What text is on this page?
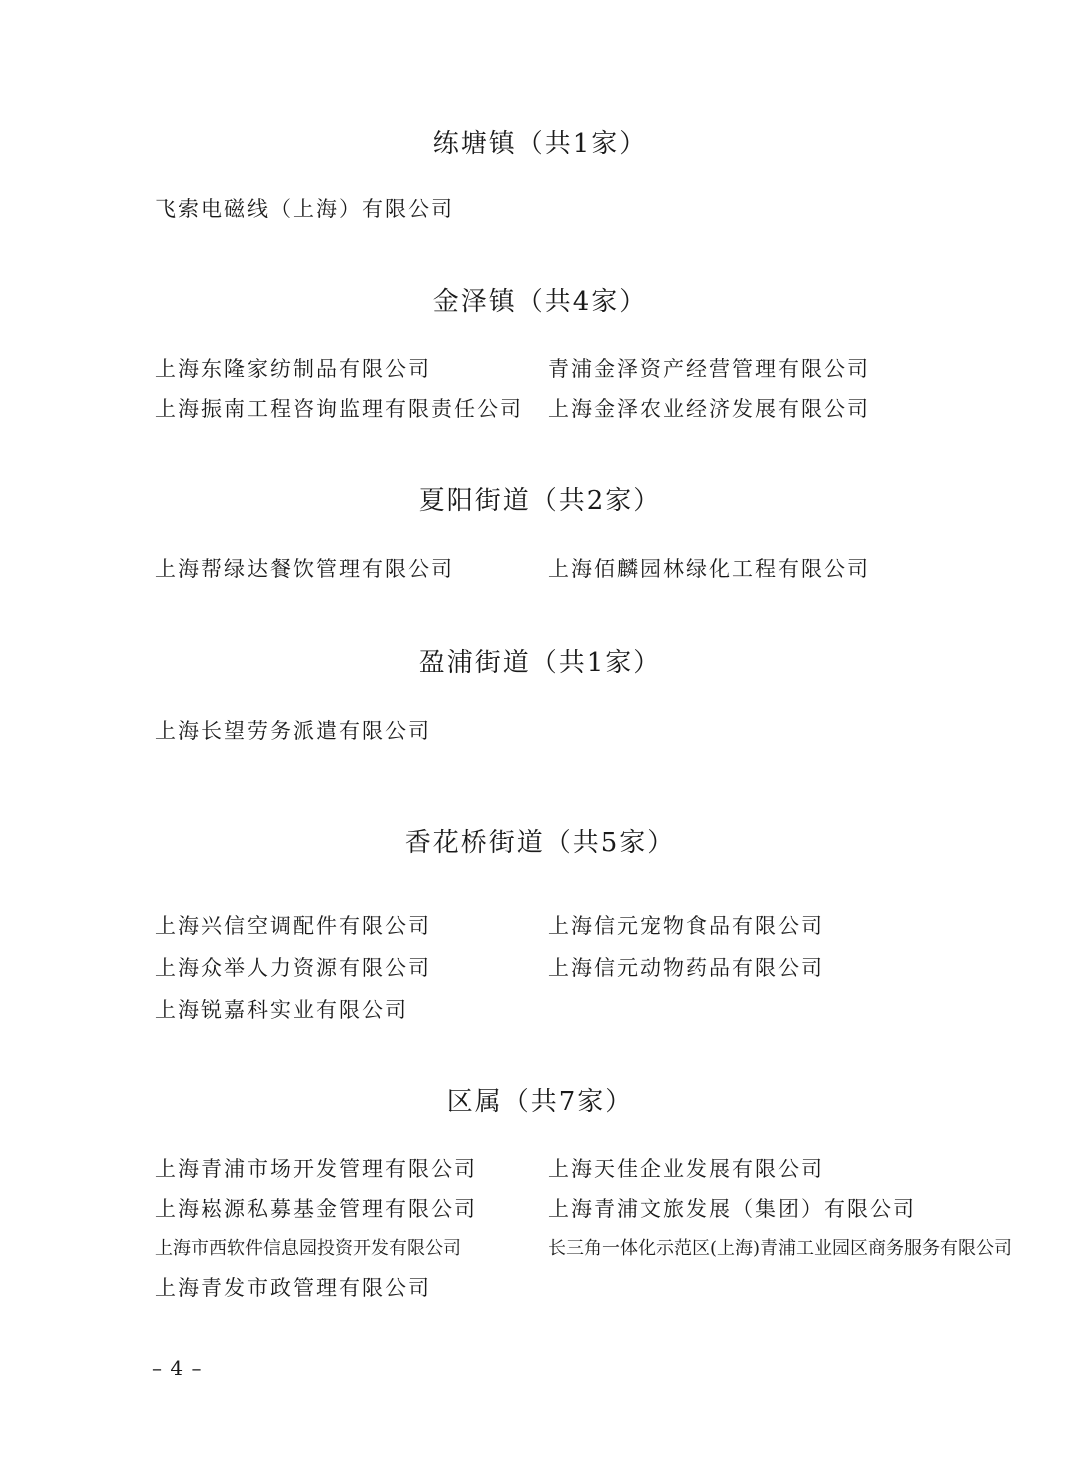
练塘镇（共1家）
飞索电磁线（上海）有限公司
金泽镇（共4家）
上海东隆家纺制品有限公司	青浦金泽资产经营管理有限公司
上海振南工程咨询监理有限责任公司 上海金泽农业经济发展有限公司
夏阳街道（共2家）
上海帮绿达餐饮管理有限公司	上海佰麟园林绿化工程有限公司
盈浦街道（共1家）
上海长望劳务派遣有限公司
香花桥街道（共5家）
上海兴信空调配件有限公司	上海信元宠物食品有限公司
上海众举人力资源有限公司	上海信元动物药品有限公司
上海锐嘉科实业有限公司
区属（共7家）
上海青浦市场开发管理有限公司	上海天佳企业发展有限公司
上海崧源私募基金管理有限公司	上海青浦文旅发展（集团）有限公司
上海市西软件信息园投资开发有限公司	长三角一体化示范区(上海)青浦工业园区商务服务有限公司
上海青发市政管理有限公司
– 4 –
